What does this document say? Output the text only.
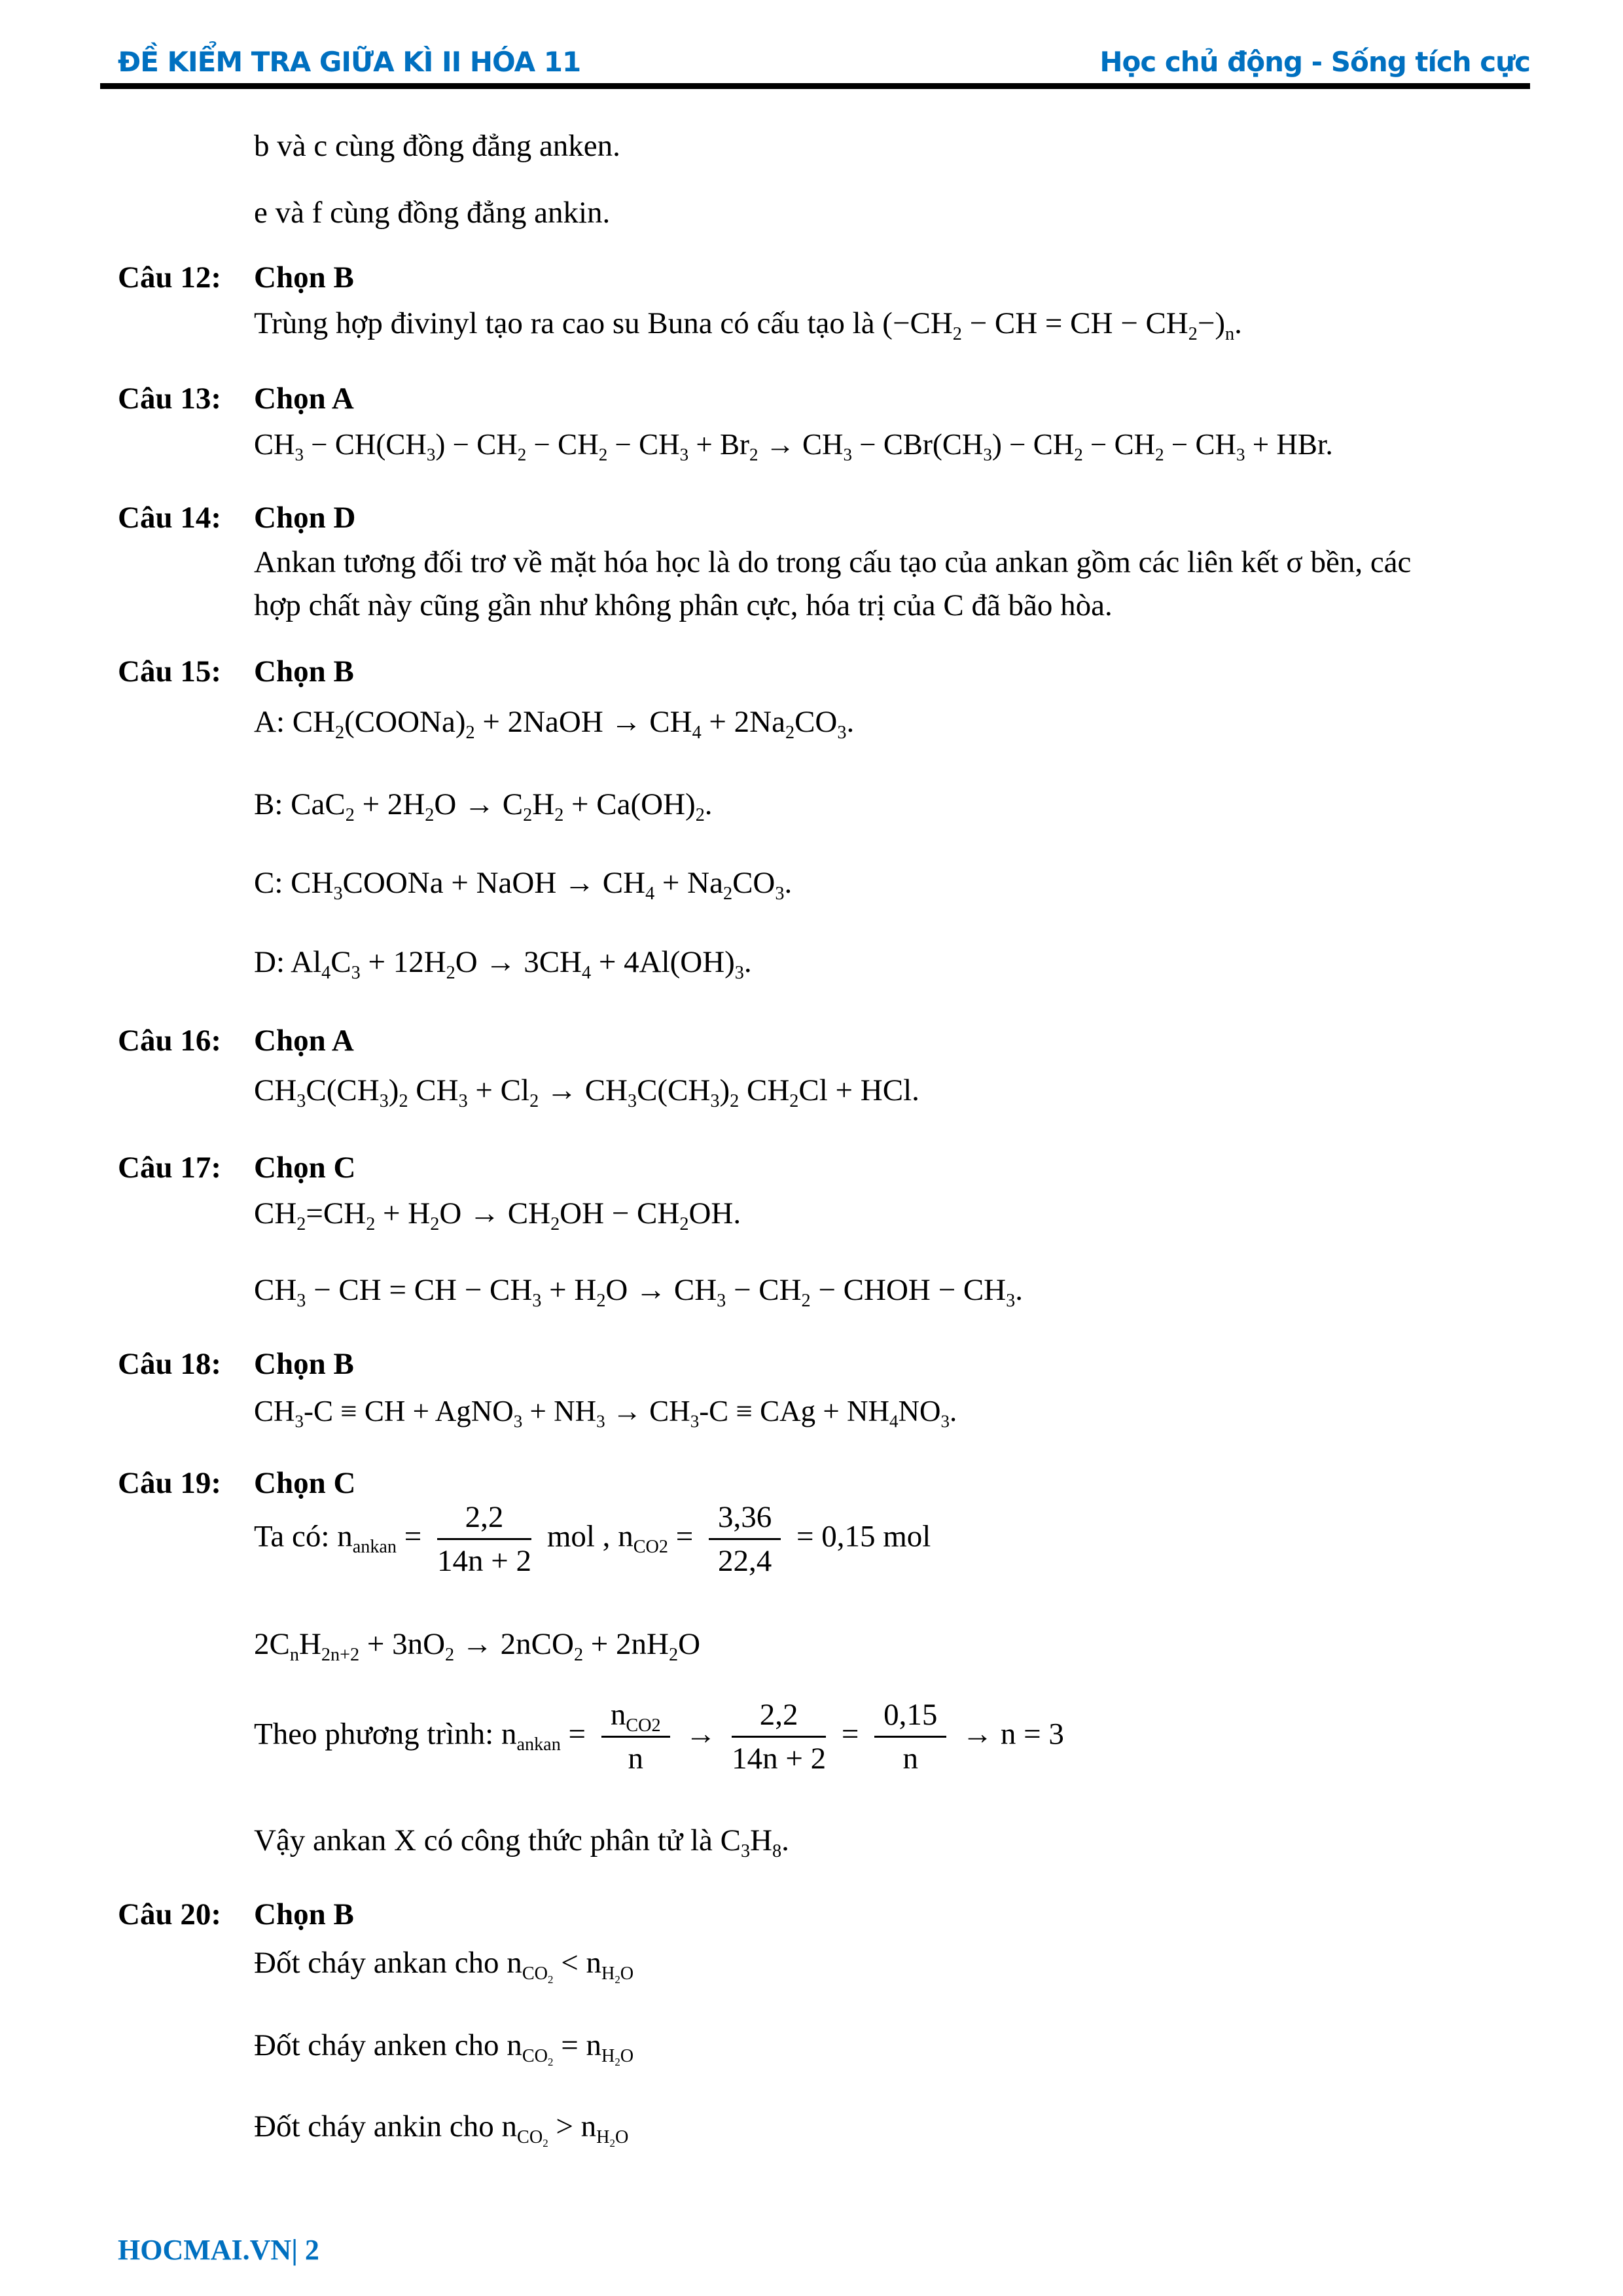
ĐỀ KIỂM TRA GIỮA KÌ II HÓA 11	Học chủ động - Sống tích cực
b và c cùng đồng đẳng anken.
e và f cùng đồng đẳng ankin.
Câu 12: Chọn B
Trùng hợp đivinyl tạo ra cao su Buna có cấu tạo là ($-CH_2$ − CH = CH − $CH_2-)_n$.
Câu 13: Chọn A
$CH_3 - CH(CH_3) - CH_2 - CH_2 - CH_3 + Br_2 \to CH_3 - CBr(CH_3) - CH_2 - CH_2 - CH_3$ + HBr.
Câu 14: Chọn D
Ankan tương đối trơ về mặt hóa học là do trong cấu tạo của ankan gồm các liên kết σ bền, các
hợp chất này cũng gần như không phân cực, hóa trị của C đã bão hòa.
Câu 15: Chọn B
A: $CH_2(COONa)_2$ + 2NaOH → $CH_4 + 2Na_2CO_3$.
B: $CaC_2 + 2H_2O \to C_2H_2 + Ca(OH)_2$.
C: $CH_3COONa$ + NaOH → $CH_4 + Na_2CO_3$.
D: $Al_4C_3 + 12H_2O \to 3CH_4 + 4Al(OH)_3$.
Câu 16: Chọn A
$CH_3C(CH_3)_2$ $CH_3 + Cl_2 \to CH_3C(CH_3)_2$ $CH_2Cl$ + HCl.
Câu 17: Chọn C
$CH_2=CH_2 + H_2O \to CH_2OH - CH_2OH$.
$CH_3$ − CH = CH − $CH_3 + H_2O \to CH_3 - CH_2$ − CHOH − $CH_3$.
Câu 18: Chọn B
$CH_3-C$ ≡ CH + AgNO$_3$ + $NH_3 \to CH_3-C$ ≡ CAg + $NH_4NO_3$.
Câu 19: Chọn C
Ta có: $n_{ankan} = \frac{2,2}{14n + 2}$ mol , $n_{CO2} = \frac{3,36}{22,4} = 0,15$ mol
$2C_nH_{2n+2} + 3nO_2 \to 2nCO_2 + 2nH_2O$
Theo phương trình: $n_{ankan} = \frac{n_{CO2}}{n} \to \frac{2,2}{14n + 2} = \frac{0,15}{n} \to n = 3$
Vậy ankan X có công thức phân tử là $C_3H_8$.
Câu 20: Chọn B
Đốt cháy ankan cho $n_{CO_2} < n_{H_2O}$
Đốt cháy anken cho $n_{CO_2} = n_{H_2O}$
Đốt cháy ankin cho $n_{CO_2} > n_{H_2O}$
HOCMAI.VN| 2
